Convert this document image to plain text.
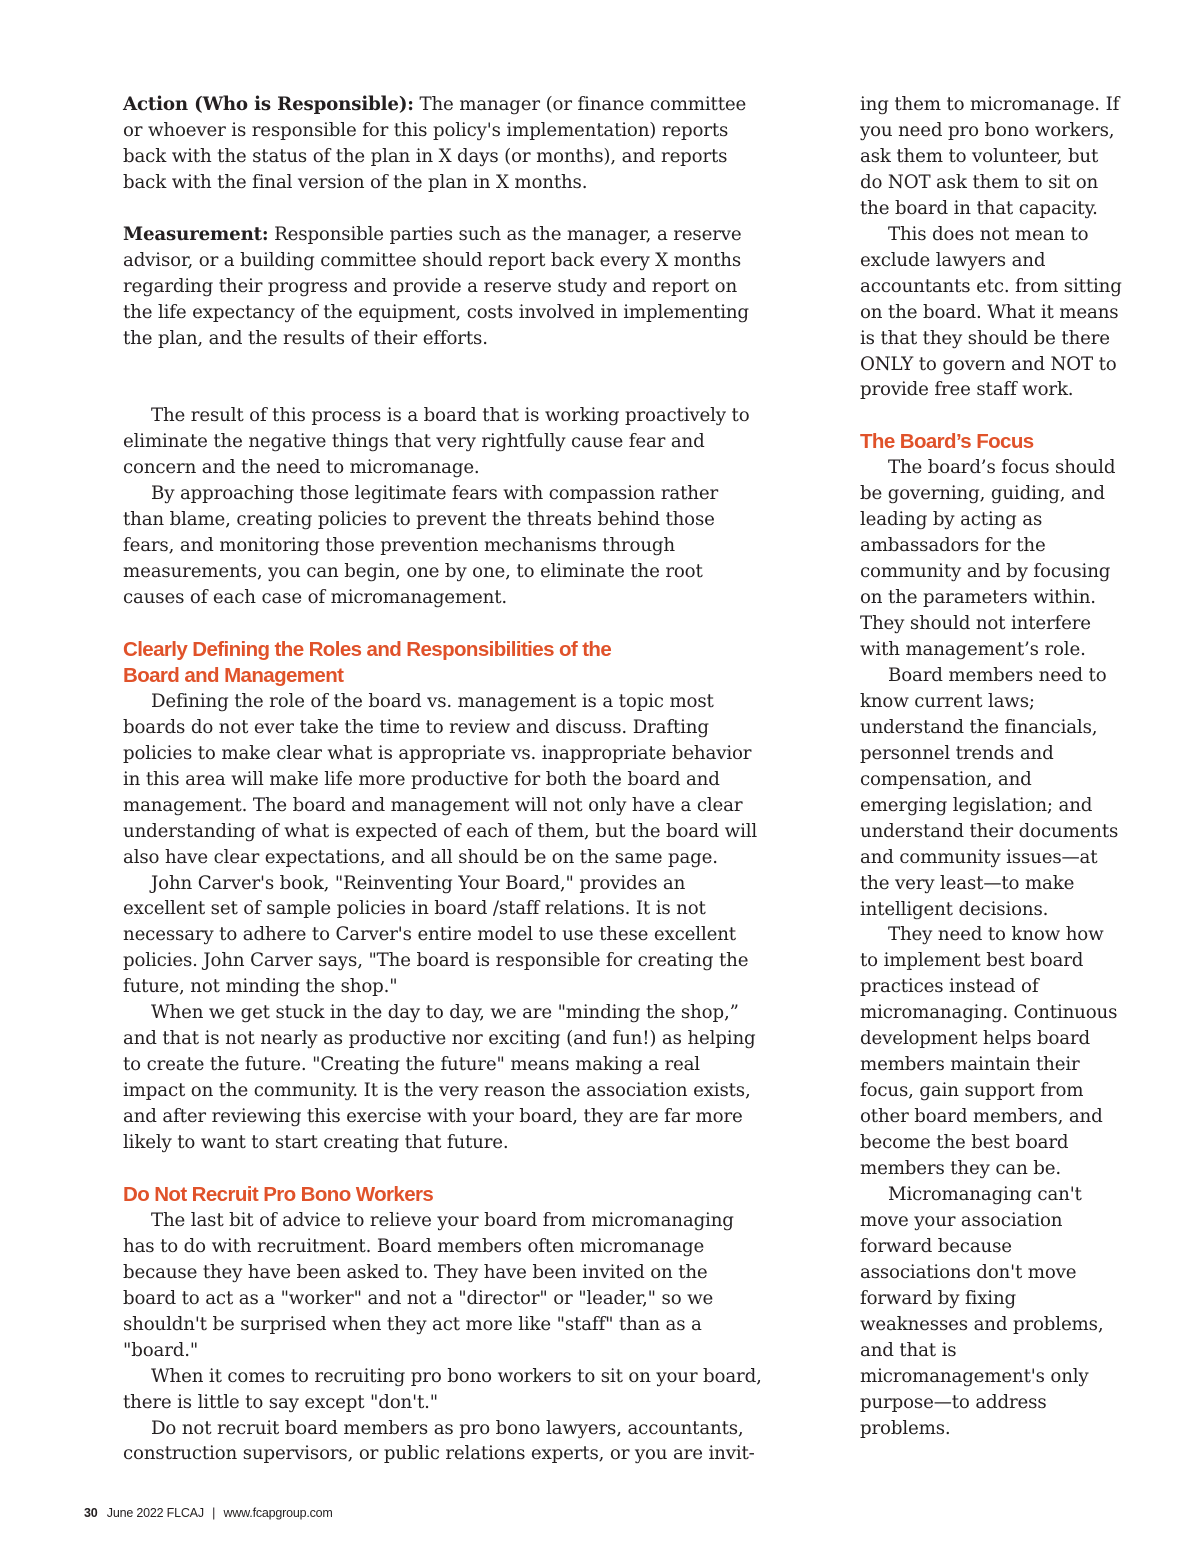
Action (Who is Responsible): The manager (or finance committee or whoever is responsible for this policy's implementation) reports back with the status of the plan in X days (or months), and reports back with the final version of the plan in X months.

Measurement: Responsible parties such as the manager, a reserve advisor, or a building committee should report back every X months regarding their progress and provide a reserve study and report on the life expectancy of the equipment, costs involved in implementing the plan, and the results of their efforts.

The result of this process is a board that is working proactively to eliminate the negative things that very rightfully cause fear and concern and the need to micromanage.

By approaching those legitimate fears with compassion rather than blame, creating policies to prevent the threats behind those fears, and monitoring those prevention mechanisms through measurements, you can begin, one by one, to eliminate the root causes of each case of micromanagement.

Clearly Defining the Roles and Responsibilities of the Board and Management

Defining the role of the board vs. management is a topic most boards do not ever take the time to review and discuss. Drafting policies to make clear what is appropriate vs. inappropriate behavior in this area will make life more productive for both the board and management. The board and management will not only have a clear understanding of what is expected of each of them, but the board will also have clear expectations, and all should be on the same page.

John Carver's book, "Reinventing Your Board," provides an excellent set of sample policies in board /staff relations. It is not necessary to adhere to Carver's entire model to use these excellent policies. John Carver says, "The board is responsible for creating the future, not minding the shop."

When we get stuck in the day to day, we are "minding the shop,” and that is not nearly as productive nor exciting (and fun!) as helping to create the future. "Creating the future" means making a real impact on the community. It is the very reason the association exists, and after reviewing this exercise with your board, they are far more likely to want to start creating that future.

Do Not Recruit Pro Bono Workers

The last bit of advice to relieve your board from micromanaging has to do with recruitment. Board members often micromanage because they have been asked to. They have been invited on the board to act as a "worker" and not a "director" or "leader," so we shouldn't be surprised when they act more like "staff" than as a "board."

When it comes to recruiting pro bono workers to sit on your board, there is little to say except "don't."

Do not recruit board members as pro bono lawyers, accountants, construction supervisors, or public relations experts, or you are invit-

ing them to micromanage. If you need pro bono workers, ask them to volunteer, but do NOT ask them to sit on the board in that capacity.

This does not mean to exclude lawyers and accountants etc. from sitting on the board. What it means is that they should be there ONLY to govern and NOT to provide free staff work.

The Board’s Focus

The board’s focus should be governing, guiding, and leading by acting as ambassadors for the community and by focusing on the parameters within. They should not interfere with management’s role.

Board members need to know current laws; understand the financials, personnel trends and compensation, and emerging legislation; and understand their documents and community issues—at the very least—to make intelligent decisions.

They need to know how to implement best board practices instead of micromanaging. Continuous development helps board members maintain their focus, gain support from other board members, and become the best board members they can be.

Micromanaging can't move your association forward because associations don't move forward by fixing weaknesses and problems, and that is micromanagement's only purpose—to address problems.

30 June 2022 FLCAJ | www.fcapgroup.com
